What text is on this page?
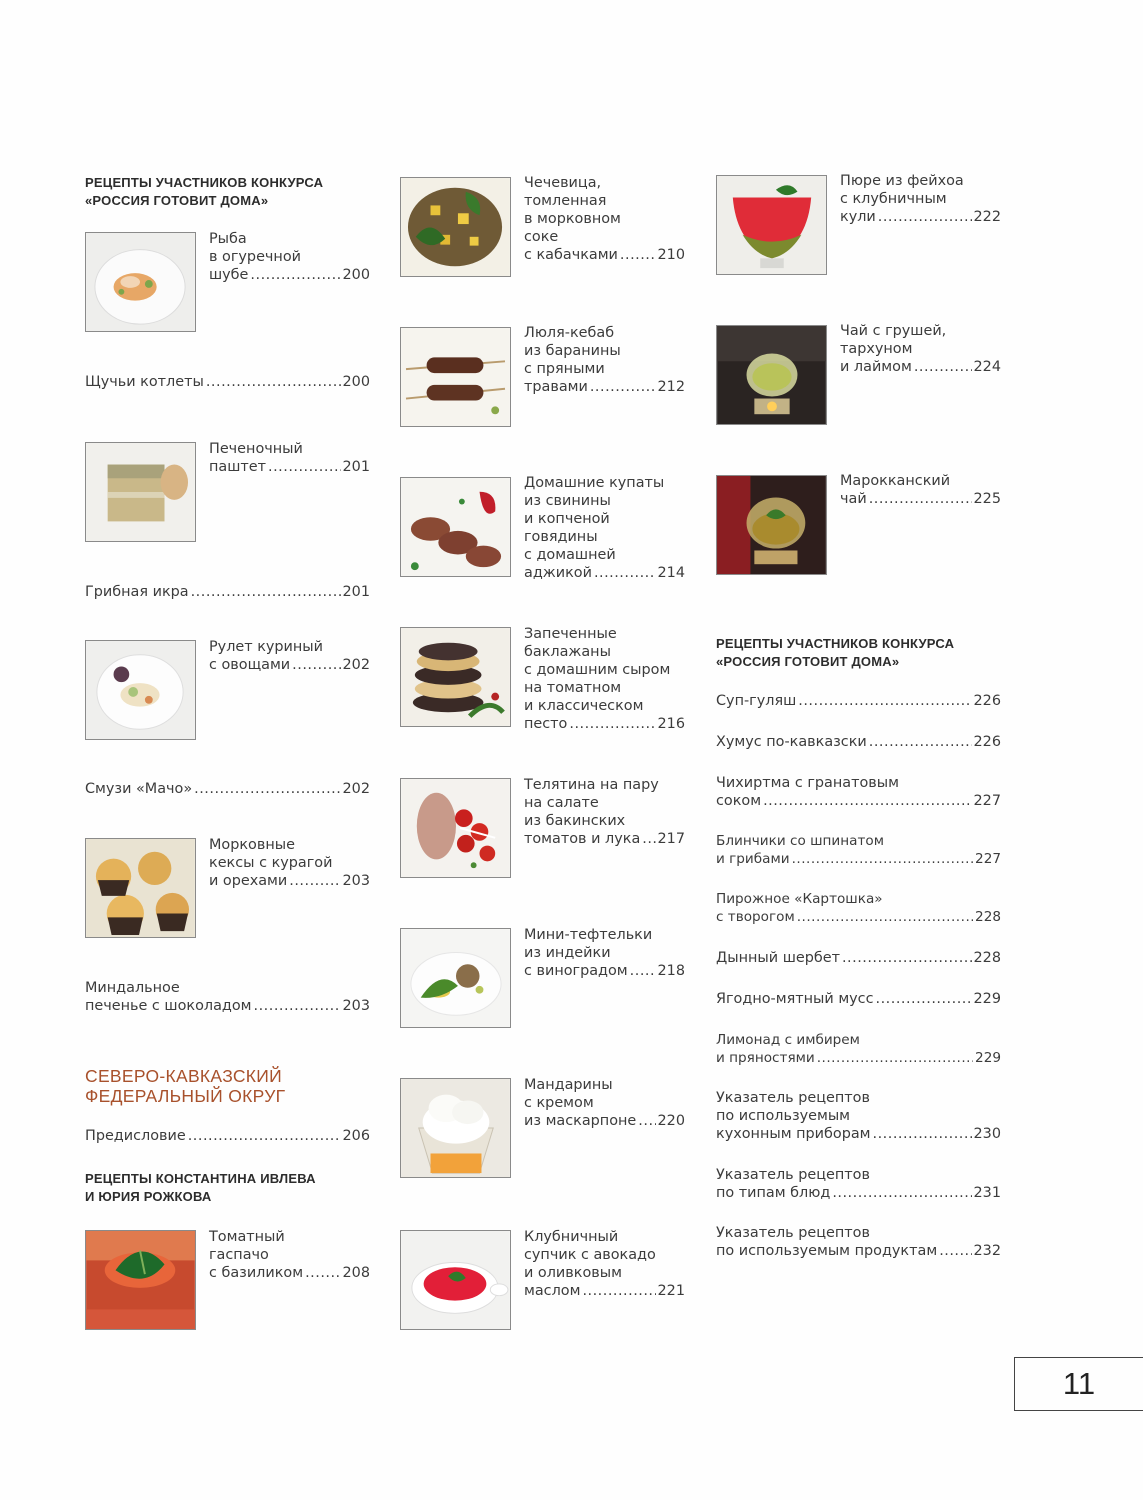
РЕЦЕПТЫ УЧАСТНИКОВ КОНКУРСА
«РОССИЯ ГОТОВИТ ДОМА»
СЕВЕРО-КАВКАЗСКИЙ
ФЕДЕРАЛЬНЫЙ ОКРУГ
РЕЦЕПТЫ КОНСТАНТИНА ИВЛЕВА
И ЮРИЯ РОЖКОВА
РЕЦЕПТЫ УЧАСТНИКОВ КОНКУРСА
«РОССИЯ ГОТОВИТ ДОМА»
Рыба
в огуречной
шубе .....	200
Щучьи котлеты .....	200
Печеночный
паштет .....	201
Грибная икра .....	201
Рулет куриный
с овощами .....	202
Смузи «Мачо» .....	202
Морковные
кексы с курагой
и орехами .....	203
Миндальное
печенье с шоколадом .....	203
Предисловие .....	206
Томатный
гаспачо
с базиликом .....	208
Чечевица,
томленная
в морковном
соке
с кабачками .....	210
Люля-кебаб
из баранины
с пряными
травами .....	212
Домашние купаты
из свинины
и копченой
говядины
с домашней
аджикой .....	214
Запеченные
баклажаны
с домашним сыром
на томатном
и классическом
песто .....	216
Телятина на пару
на салате
из бакинских
томатов и лука ..... 217
Мини-тефтельки
из индейки
с виноградом ..... 218
Мандарины
с кремом
из маскарпоне ..... 220
Клубничный
супчик с авокадо
и оливковым
маслом .....	221
Пюре из фейхоа
с клубничным
кули .....	222
Чай с грушей,
тархуном
и лаймом .....	224
Марокканский
чай .....	225
Суп-гуляш .....	226
Хумус по-кавказски .....	226
Чихиртма с гранатовым
соком .....	227
Блинчики со шпинатом
и грибами .....	227
Пирожное «Картошка»
с творогом .....	228
Дынный шербет .....	228
Ягодно-мятный мусс .....	229
Лимонад с имбирем
и пряностями .....	229
Указатель рецептов
по используемым
кухонным приборам .....	230
Указатель рецептов
по типам блюд .....	231
Указатель рецептов
по используемым продуктам .....	232
11
